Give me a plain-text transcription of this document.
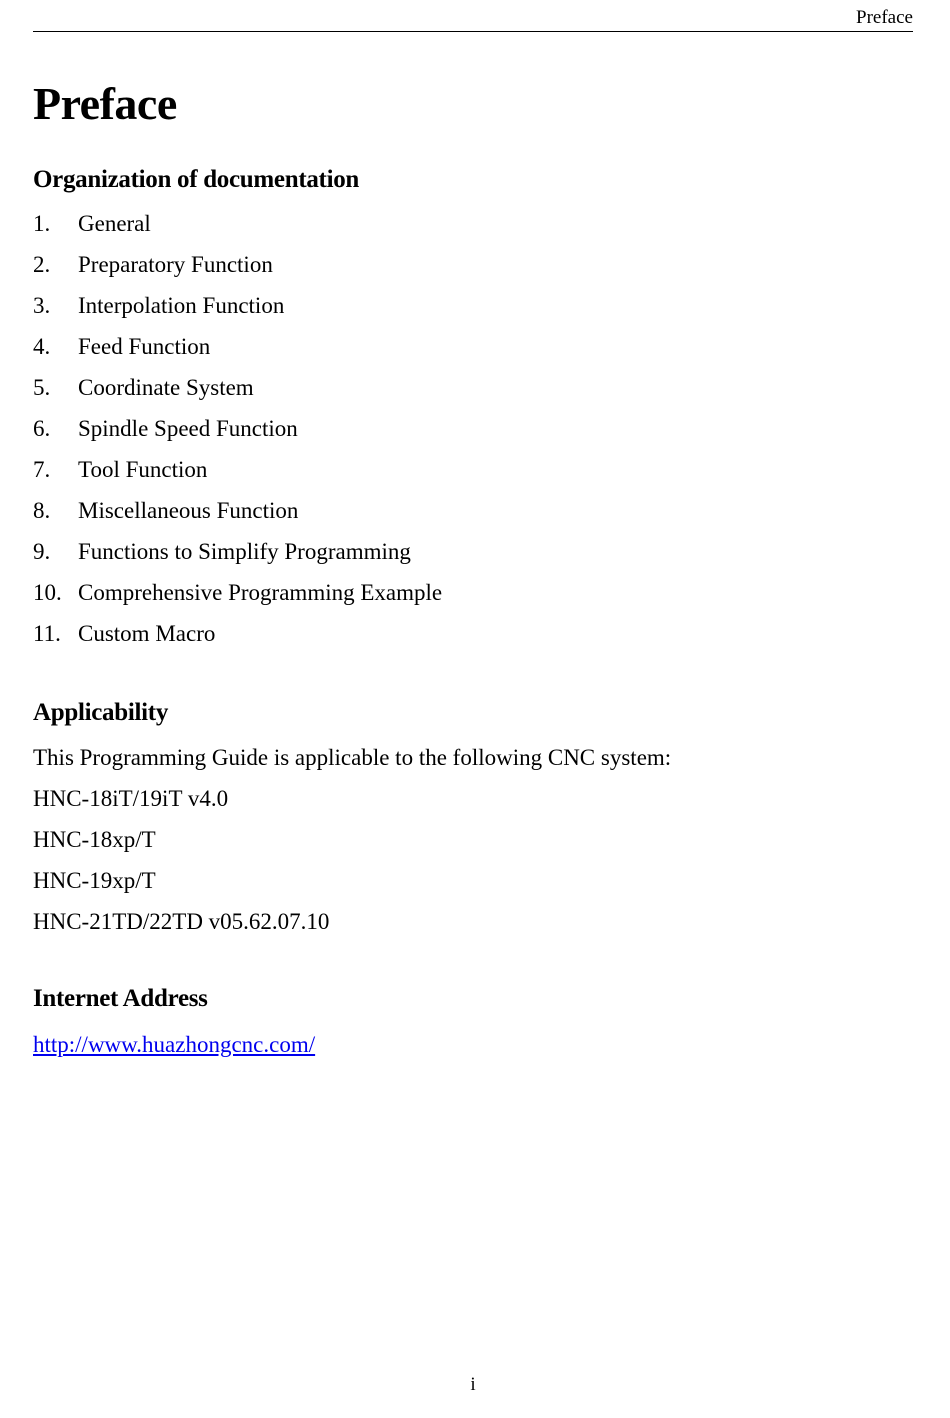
Preface
Preface
Organization of documentation
1. General
2. Preparatory Function
3. Interpolation Function
4. Feed Function
5. Coordinate System
6. Spindle Speed Function
7. Tool Function
8. Miscellaneous Function
9. Functions to Simplify Programming
10. Comprehensive Programming Example
11. Custom Macro
Applicability
This Programming Guide is applicable to the following CNC system:
HNC-18iT/19iT v4.0
HNC-18xp/T
HNC-19xp/T
HNC-21TD/22TD v05.62.07.10
Internet Address
http://www.huazhongcnc.com/
i
